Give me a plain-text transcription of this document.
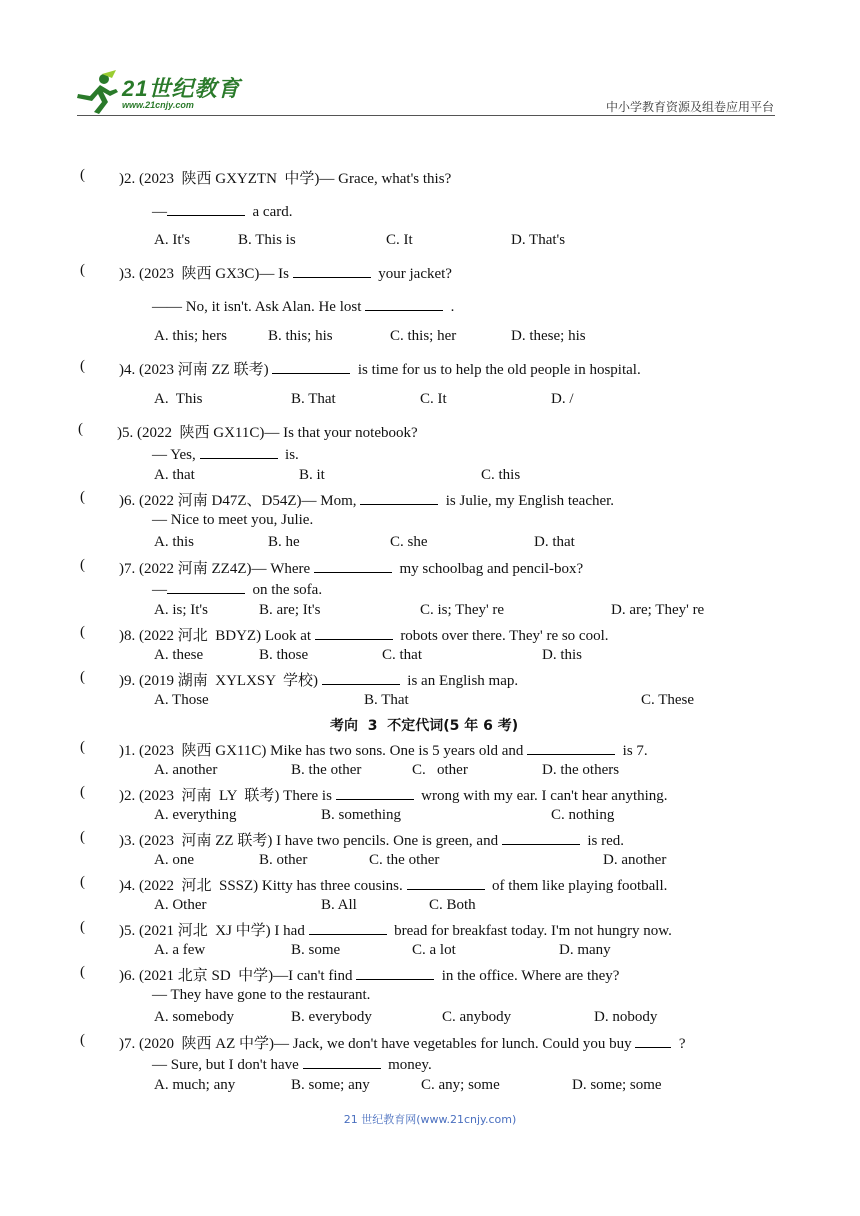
21世纪教育
www.21cnjy.com	中小学教育资源及组卷应用平台
( )2. (2023  陕西 GXYZTN  中学)— Grace, what's this?
—	a card.
A. It's	B. This is	C. It	D. That's
( )3. (2023  陕西 GX3C)— Is	your jacket?
—— No, it isn't. Ask Alan. He lost	.
A. this; hers	B. this; his	C. this; her	D. these; his
( )4. (2023 河南 ZZ 联考)	is time for us to help the old people in hospital.
A.  This	B. That	C. It	D. /
( )5. (2022  陕西 GX11C)— Is that your notebook?
— Yes,	is.
A. that	B. it	C. this
( )6. (2022 河南 D47Z、D54Z)— Mom,	is Julie, my English teacher.
— Nice to meet you, Julie.
A. this	B. he	C. she	D. that
( )7. (2022 河南 ZZ4Z)— Where	my schoolbag and pencil-box?
—	on the sofa.
A. is; It's	B. are; It's	C. is; They' re	D. are; They' re
( )8. (2022 河北  BDYZ) Look at	robots over there. They' re so cool.
A. these	B. those	C. that	D. this
( )9. (2019 湖南  XYLXSY  学校)	is an English map.
A. Those	B. That	C. These
考向  3  不定代词(5 年 6 考)
( )1. (2023  陕西 GX11C) Mike has two sons. One is 5 years old and	is 7.
A. another	B. the other	C.   other	D. the others
( )2. (2023  河南  LY  联考) There is	wrong with my ear. I can't hear anything.
A. everything	B. something	C. nothing
( )3. (2023  河南 ZZ 联考) I have two pencils. One is green, and	is red.
A. one	B. other	C. the other	D. another
( )4. (2022  河北  SSSZ) Kitty has three cousins.	of them like playing football.
A. Other	B. All	C. Both
( )5. (2021 河北  XJ 中学) I had	bread for breakfast today. I'm not hungry now.
A. a few	B. some	C. a lot	D. many
( )6. (2021 北京 SD  中学)—I can't find	in the office. Where are they?
— They have gone to the restaurant.
A. somebody	B. everybody	C. anybody	D. nobody
( )7. (2020  陕西 AZ 中学)— Jack, we don't have vegetables for lunch. Could you buy   ?
— Sure, but I don't have	money.
A. much; any	B. some; any	C. any; some	D. some; some
21 世纪教育网(www.21cnjy.com)
